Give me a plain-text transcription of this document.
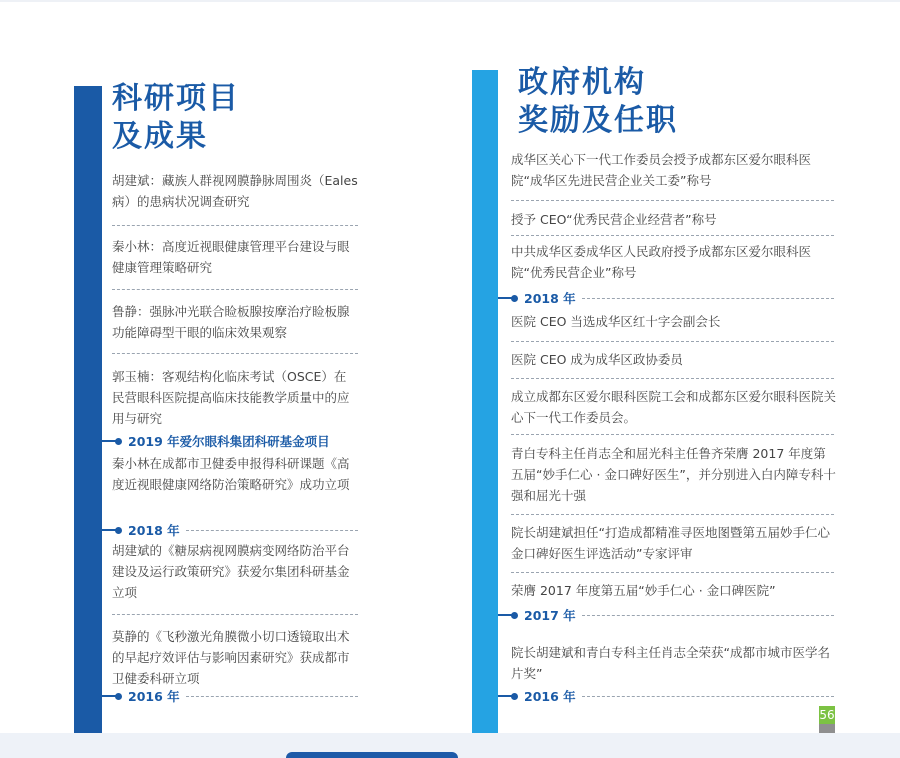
科研项目
及成果
胡建斌：藏族人群视网膜静脉周围炎（Eales 病）的患病状况调查研究
秦小林：高度近视眼健康管理平台建设与眼健康管理策略研究
鲁静：强脉冲光联合睑板腺按摩治疗睑板腺功能障碍型干眼的临床效果观察
郭玉楠：客观结构化临床考试（OSCE）在民营眼科医院提高临床技能教学质量中的应用与研究
2019 年爱尔眼科集团科研基金项目
秦小林在成都市卫健委申报得科研课题《高度近视眼健康网络防治策略研究》成功立项
2018 年
胡建斌的《糖尿病视网膜病变网络防治平台建设及运行政策研究》获爱尔集团科研基金立项
莫静的《飞秒激光角膜微小切口透镜取出术的早起疗效评估与影响因素研究》获成都市卫健委科研立项
2016 年
政府机构
奖励及任职
成华区关心下一代工作委员会授予成都东区爱尔眼科医院“成华区先进民营企业关工委”称号
授予 CEO“优秀民营企业经营者”称号
中共成华区委成华区人民政府授予成都东区爱尔眼科医院“优秀民营企业”称号
2018 年
医院 CEO 当选成华区红十字会副会长
医院 CEO 成为成华区政协委员
成立成都东区爱尔眼科医院工会和成都东区爱尔眼科医院关心下一代工作委员会。
青白专科主任肖志全和屈光科主任鲁齐荣膺 2017 年度第五届“妙手仁心 · 金口碑好医生”，并分别进入白内障专科十强和屈光十强
院长胡建斌担任“打造成都精准寻医地图暨第五届妙手仁心 金口碑好医生评选活动”专家评审
荣膺 2017 年度第五届“妙手仁心 · 金口碑医院”
2017 年
院长胡建斌和青白专科主任肖志全荣获“成都市城市医学名片奖”
2016 年
56
